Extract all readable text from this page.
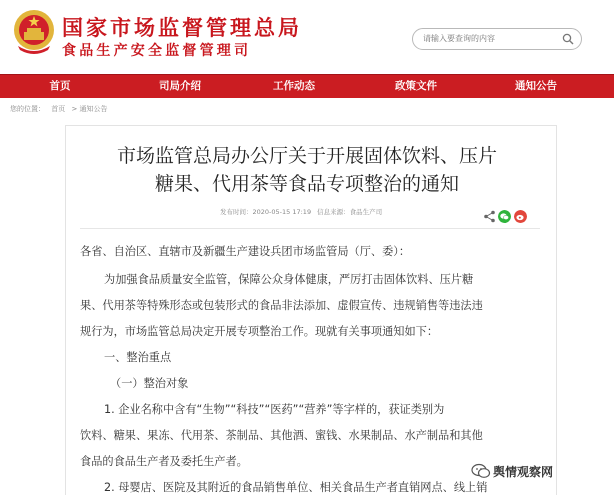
国家市场监督管理总局
食品生产安全监督管理司
请输入要查询的内容
首页	司局介绍	工作动态	政策文件	通知公告
您的位置： 首页 > 通知公告
市场监管总局办公厅关于开展固体饮料、压片
糖果、代用茶等食品专项整治的通知
发布时间：2020-05-15 17:19 信息来源：食品生产司
各省、自治区、直辖市及新疆生产建设兵团市场监管局（厅、委）：
为加强食品质量安全监管，保障公众身体健康，严厉打击固体饮料、压片糖
果、代用茶等特殊形态或包装形式的食品非法添加、虚假宣传、违规销售等违法违
规行为，市场监管总局决定开展专项整治工作。现就有关事项通知如下：
一、整治重点
（一）整治对象
1. 企业名称中含有“生物”“科技”“医药”“营养”等字样的，获证类别为
饮料、糖果、果冻、代用茶、茶制品、其他酒、蜜钱、水果制品、水产制品和其他
食品的食品生产者及委托生产者。
2. 母婴店、医院及其附近的食品销售单位、相关食品生产者直销网点、线上销
舆情观察网
